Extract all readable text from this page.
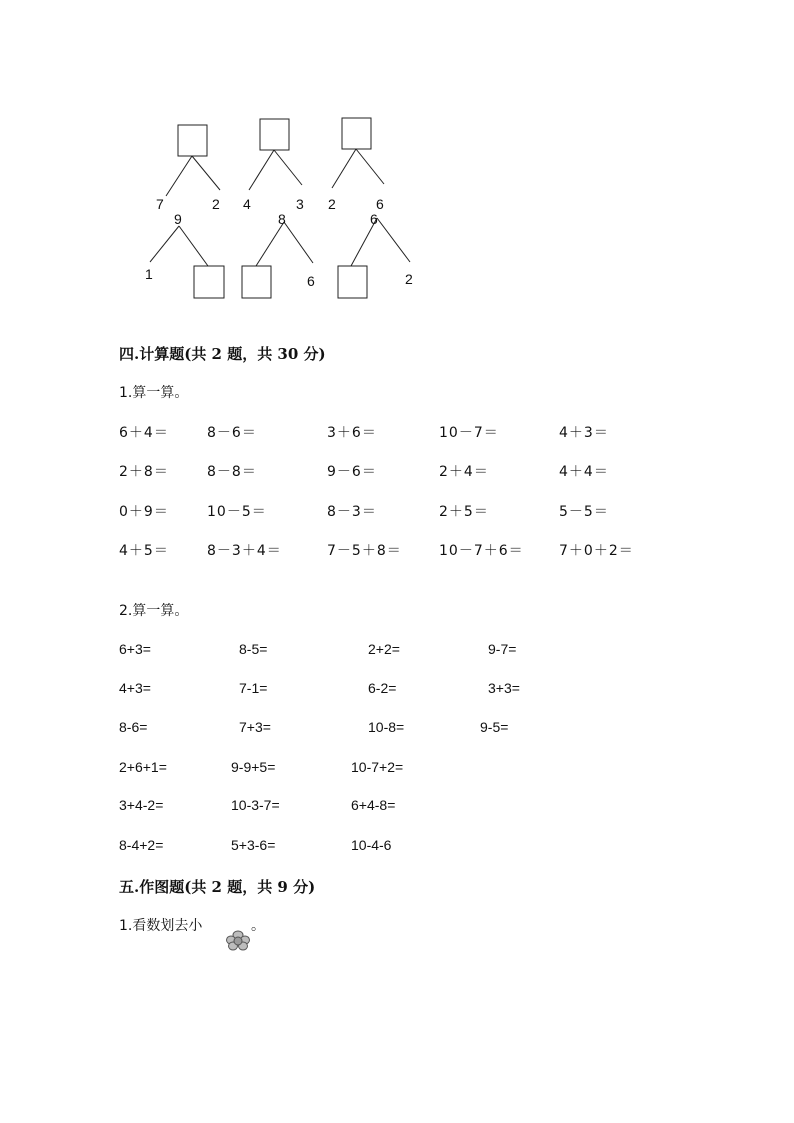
7	2 4	3 2	6
9
1
8
6
6
2
四.计算题(共 2 题，共 30 分)
1.算一算。
6＋4＝	8－6＝	3＋6＝	10－7＝	4＋3＝
2＋8＝	8－8＝	9－6＝	2＋4＝	4＋4＝
0＋9＝	10－5＝	8－3＝	2＋5＝	5－5＝
4＋5＝	8－3＋4＝	7－5＋8＝	10－7＋6＝	7＋0＋2＝
2.算一算。
6+3=	8-5=	2+2=	9-7=
4+3=	7-1=	6-2=	3+3=
8-6=	7+3=	10-8=	9-5=
2+6+1=	9-9+5=	10-7+2=
3+4-2=	10-3-7=	6+4-8=
8-4+2=	5+3-6=	10-4-6
五.作图题(共 2 题，共 9 分)
1.看数划去小	。
